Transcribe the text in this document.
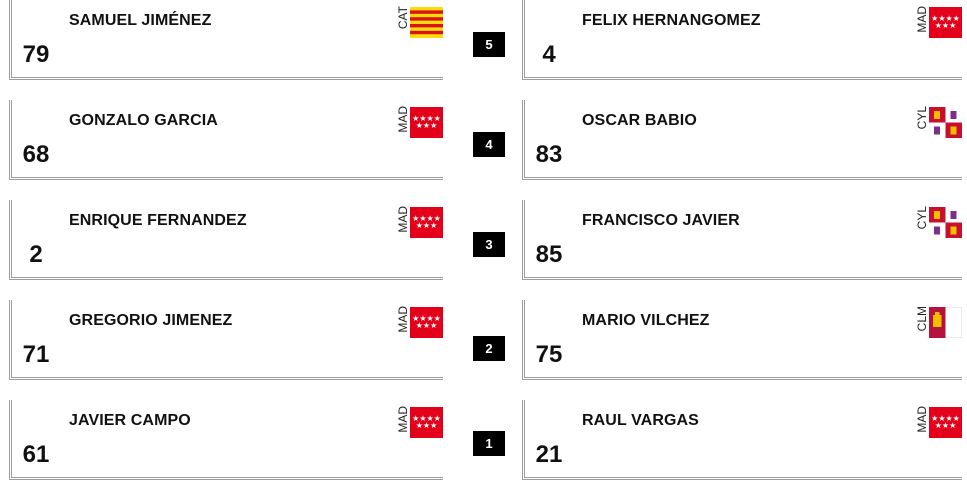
79
SAMUEL JIMÉNEZ	CAT
68
GONZALO GARCIA	MAD ★★★★
★★★
2
ENRIQUE FERNANDEZ	MAD ★★★★
★★★
71
GREGORIO JIMENEZ	MAD ★★★★
★★★
61
JAVIER CAMPO	MAD ★★★★
★★★
5
4
3
2
1
4
FELIX HERNANGOMEZ	MAD ★★★★
★★★
83
OSCAR BABIO	CYL
85
FRANCISCO JAVIER	CYL
75
MARIO VILCHEZ	CLM
21
RAUL VARGAS	MAD ★★★★
★★★
